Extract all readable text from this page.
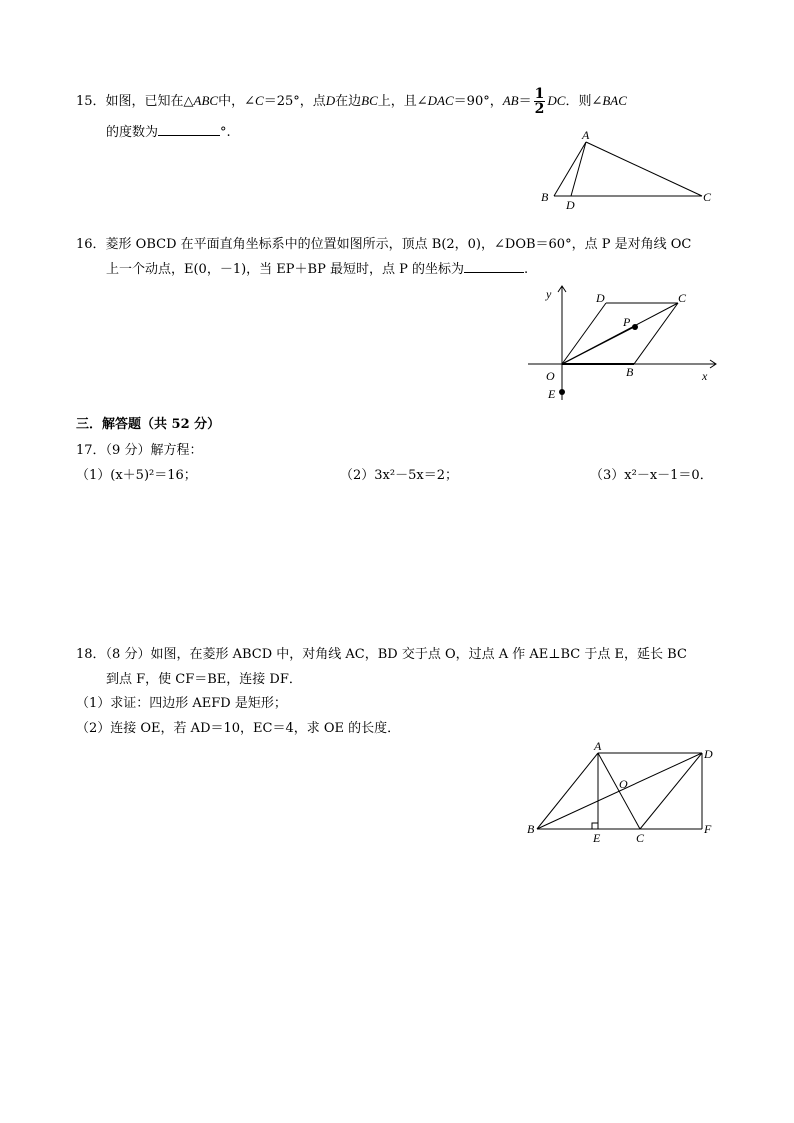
15．如图，已知在△ABC中，∠C＝25°，点D在边BC上，且∠DAC＝90°，$AB= \frac{1}{2}$ DC．则∠BAC
的度数为	°.	A
B
D
C
16．菱形 OBCD 在平面直角坐标系中的位置如图所示，顶点 B(2，0)，∠DOB＝60°，点 P 是对角线 OC
上一个动点，E(0，－1)，当 EP＋BP 最短时，点 P 的坐标为	.
y
x
O	B
C
D
P
E
三．解答题（共 52 分）
17．（9 分）解方程：
（1）(x＋5)²＝16；	（2）3x²－5x＝2；	（3）x²－x－1＝0．
18．（8 分）如图，在菱形 ABCD 中，对角线 AC，BD 交于点 O，过点 A 作 AE⊥BC 于点 E，延长 BC
到点 F，使 CF＝BE，连接 DF．
（1）求证：四边形 AEFD 是矩形；
（2）连接 OE，若 AD＝10，EC＝4，求 OE 的长度．
A
D
O
B
E	C
F
